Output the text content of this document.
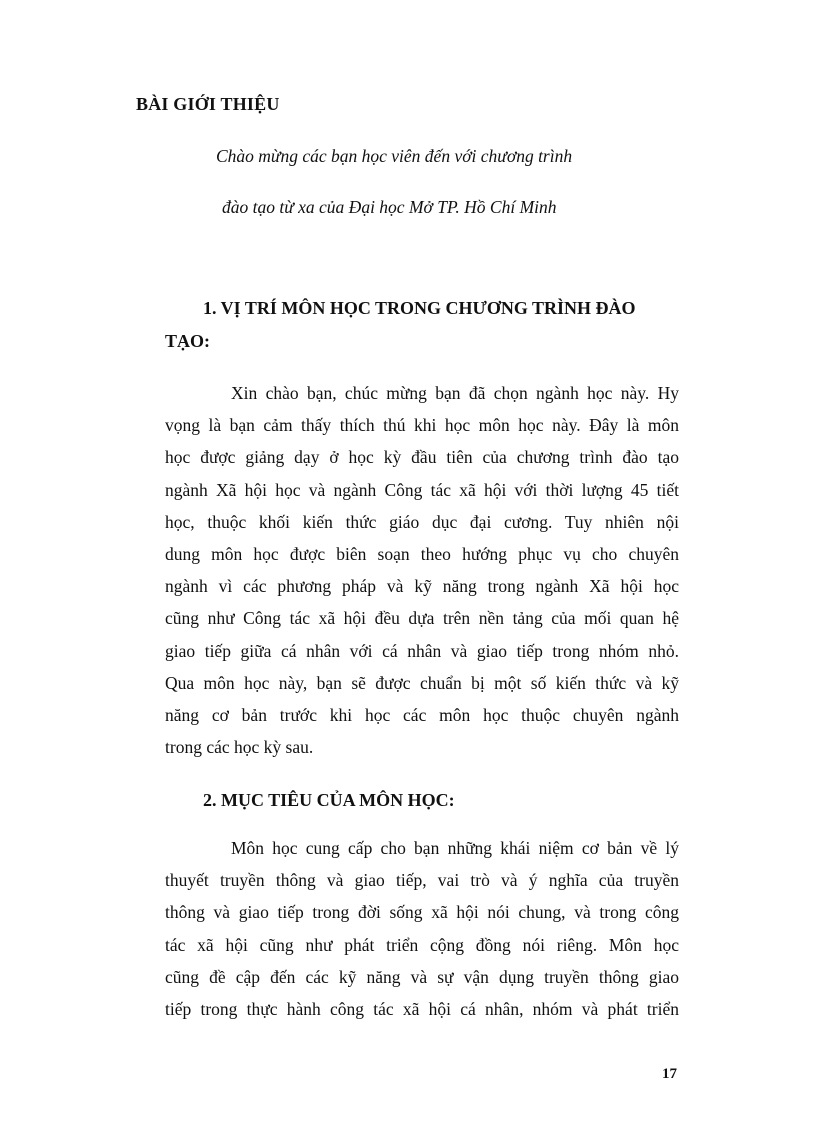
BÀI GIỚI THIỆU

Chào mừng các bạn học viên đến với chương trình

đào tạo từ xa của Đại học Mở TP. Hồ Chí Minh

1. VỊ TRÍ MÔN HỌC TRONG CHƯƠNG TRÌNH ĐÀO
TẠO:
Xin chào bạn, chúc mừng bạn đã chọn ngành học này. Hy
vọng là bạn cảm thấy thích thú khi học môn học này. Đây là môn
học được giảng dạy ở học kỳ đầu tiên của chương trình đào tạo
ngành Xã hội học và ngành Công tác xã hội với thời lượng 45 tiết
học, thuộc khối kiến thức giáo dục đại cương. Tuy nhiên nội
dung môn học được biên soạn theo hướng phục vụ cho chuyên
ngành vì các phương pháp và kỹ năng trong ngành Xã hội học
cũng như Công tác xã hội đều dựa trên nền tảng của mối quan hệ
giao tiếp giữa cá nhân với cá nhân và giao tiếp trong nhóm nhỏ.
Qua môn học này, bạn sẽ được chuẩn bị một số kiến thức và kỹ
năng cơ bản trước khi học các môn học thuộc chuyên ngành
trong các học kỳ sau.
2. MỤC TIÊU CỦA MÔN HỌC:
Môn học cung cấp cho bạn những khái niệm cơ bản về lý
thuyết truyền thông và giao tiếp, vai trò và ý nghĩa của truyền
thông và giao tiếp trong đời sống xã hội nói chung, và trong công
tác xã hội cũng như phát triển cộng đồng nói riêng. Môn học
cũng đề cập đến các kỹ năng và sự vận dụng truyền thông giao
tiếp trong thực hành công tác xã hội cá nhân, nhóm và phát triển

17
